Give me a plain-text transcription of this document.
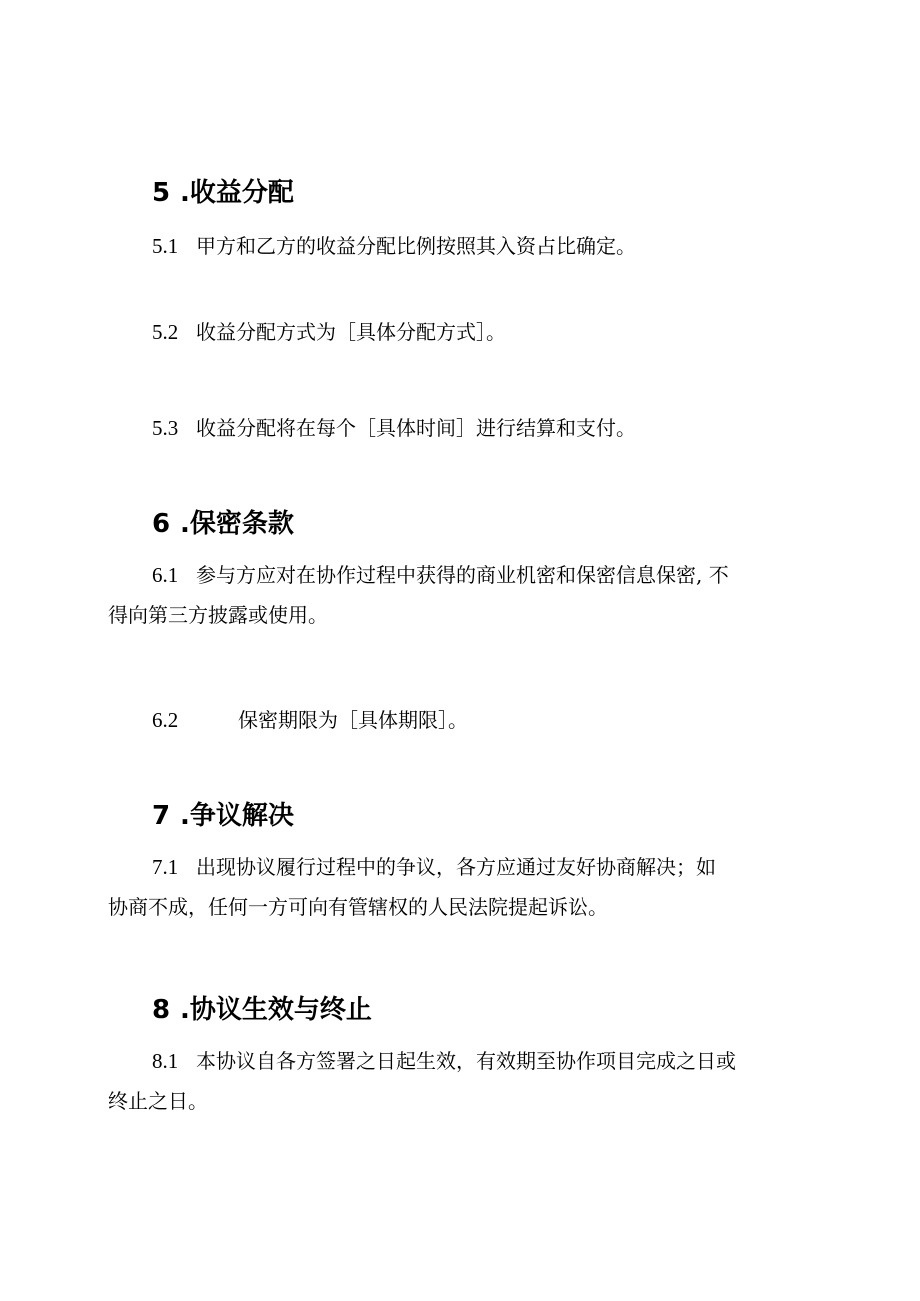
5 .收益分配

5.1 甲方和乙方的收益分配比例按照其入资占比确定。

5.2 收益分配方式为［具体分配方式］。

5.3 收益分配将在每个［具体时间］进行结算和支付。

6 .保密条款

6.1 参与方应对在协作过程中获得的商业机密和保密信息保密, 不
得向第三方披露或使用。

6.2	保密期限为［具体期限］。

7 .争议解决

7.1 出现协议履行过程中的争议，各方应通过友好协商解决；如
协商不成，任何一方可向有管辖权的人民法院提起诉讼。

8 .协议生效与终止

8.1 本协议自各方签署之日起生效，有效期至协作项目完成之日或
终止之日。
